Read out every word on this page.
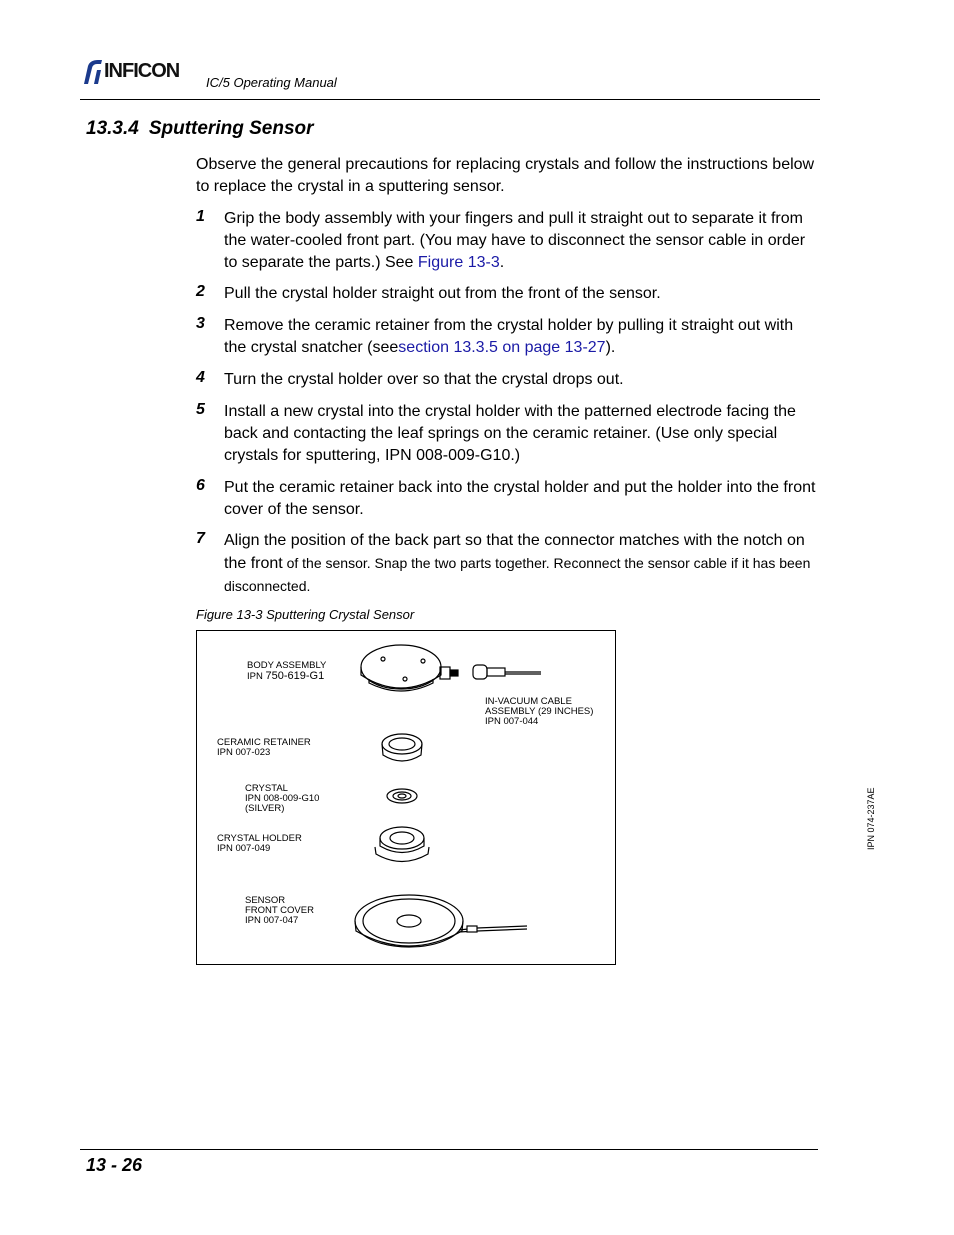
INFICON
IC/5 Operating Manual
13.3.4 Sputtering Sensor
Observe the general precautions for replacing crystals and follow the instructions below to replace the crystal in a sputtering sensor.
1 Grip the body assembly with your fingers and pull it straight out to separate it from the water-cooled front part. (You may have to disconnect the sensor cable in order to separate the parts.) See Figure 13-3.
2 Pull the crystal holder straight out from the front of the sensor.
3 Remove the ceramic retainer from the crystal holder by pulling it straight out with the crystal snatcher (seesection 13.3.5 on page 13-27).
4 Turn the crystal holder over so that the crystal drops out.
5 Install a new crystal into the crystal holder with the patterned electrode facing the back and contacting the leaf springs on the ceramic retainer. (Use only special crystals for sputtering, IPN 008-009-G10.)
6 Put the ceramic retainer back into the crystal holder and put the holder into the front cover of the sensor.
7 Align the position of the back part so that the connector matches with the notch on the front of the sensor. Snap the two parts together. Reconnect the sensor cable if it has been disconnected.
Figure 13-3 Sputtering Crystal Sensor
BODY ASSEMBLY
IPN 750-619-G1
IN-VACUUM CABLE
ASSEMBLY (29 INCHES)
IPN 007-044
CERAMIC RETAINER
IPN 007-023
CRYSTAL
IPN 008-009-G10
(SILVER)
CRYSTAL HOLDER
IPN 007-049
SENSOR
FRONT COVER
IPN 007-047
IPN 074-237AE
13 - 26
